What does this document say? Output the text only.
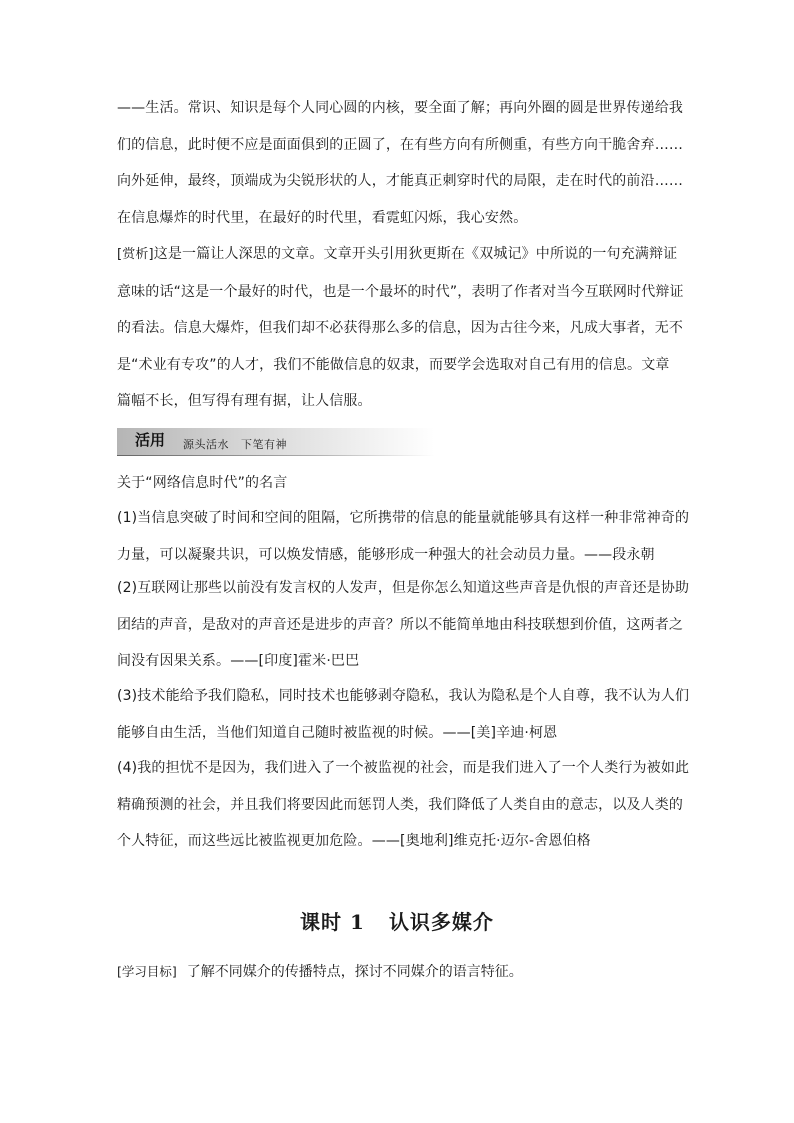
——生活。常识、知识是每个人同心圆的内核，要全面了解；再向外圈的圆是世界传递给我
们的信息，此时便不应是面面俱到的正圆了，在有些方向有所侧重，有些方向干脆舍弃……
向外延伸，最终，顶端成为尖锐形状的人，才能真正刺穿时代的局限，走在时代的前沿……
在信息爆炸的时代里，在最好的时代里，看霓虹闪烁，我心安然。

[赏析]这是一篇让人深思的文章。文章开头引用狄更斯在《双城记》中所说的一句充满辩证
意味的话“这是一个最好的时代，也是一个最坏的时代”，表明了作者对当今互联网时代辩证
的看法。信息大爆炸，但我们却不必获得那么多的信息，因为古往今来，凡成大事者，无不
是“术业有专攻”的人才，我们不能做信息的奴隶，而要学会选取对自己有用的信息。文章
篇幅不长，但写得有理有据，让人信服。

活用 源头活水   下笔有神

关于“网络信息时代”的名言

(1)当信息突破了时间和空间的阻隔，它所携带的信息的能量就能够具有这样一种非常神奇的
力量，可以凝聚共识，可以焕发情感，能够形成一种强大的社会动员力量。——段永朝

(2)互联网让那些以前没有发言权的人发声，但是你怎么知道这些声音是仇恨的声音还是协助
团结的声音，是敌对的声音还是进步的声音？所以不能简单地由科技联想到价值，这两者之
间没有因果关系。——[印度]霍米·巴巴

(3)技术能给予我们隐私，同时技术也能够剥夺隐私，我认为隐私是个人自尊，我不认为人们
能够自由生活，当他们知道自己随时被监视的时候。——[美]辛迪·柯恩

(4)我的担忧不是因为，我们进入了一个被监视的社会，而是我们进入了一个人类行为被如此
精确预测的社会，并且我们将要因此而惩罚人类，我们降低了人类自由的意志，以及人类的
个人特征，而这些远比被监视更加危险。——[奥地利]维克托·迈尔-舍恩伯格

课时 1 认识多媒介
[学习目标] 了解不同媒介的传播特点，探讨不同媒介的语言特征。
